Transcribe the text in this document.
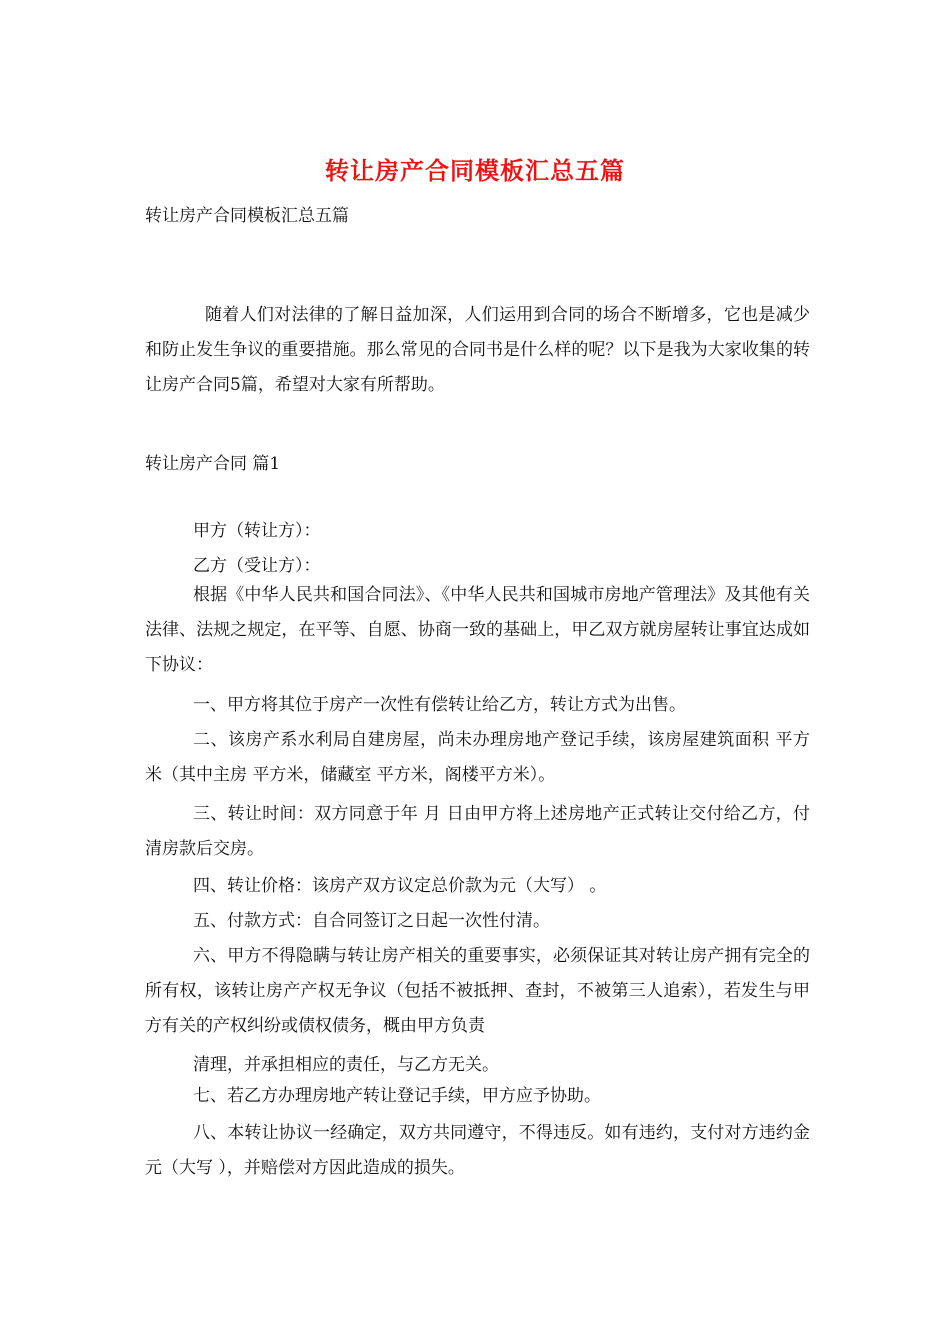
转让房产合同模板汇总五篇
转让房产合同模板汇总五篇
随着人们对法律的了解日益加深，人们运用到合同的场合不断增多，它也是减少和防止发生争议的重要措施。那么常见的合同书是什么样的呢？以下是我为大家收集的转让房产合同5篇，希望对大家有所帮助。
转让房产合同 篇1
甲方（转让方）：
乙方（受让方）：
根据《中华人民共和国合同法》、《中华人民共和国城市房地产管理法》及其他有关法律、法规之规定，在平等、自愿、协商一致的基础上，甲乙双方就房屋转让事宜达成如下协议：
一、甲方将其位于房产一次性有偿转让给乙方，转让方式为出售。
二、该房产系水利局自建房屋，尚未办理房地产登记手续，该房屋建筑面积 平方米（其中主房 平方米，储藏室 平方米，阁楼平方米）。
三、转让时间：双方同意于年 月 日由甲方将上述房地产正式转让交付给乙方，付清房款后交房。
四、转让价格：该房产双方议定总价款为元（大写） 。
五、付款方式：自合同签订之日起一次性付清。
六、甲方不得隐瞒与转让房产相关的重要事实，必须保证其对转让房产拥有完全的所有权，该转让房产产权无争议（包括不被抵押、查封，不被第三人追索），若发生与甲方有关的产权纠纷或债权债务，概由甲方负责
清理，并承担相应的责任，与乙方无关。
七、若乙方办理房地产转让登记手续，甲方应予协助。
八、本转让协议一经确定，双方共同遵守，不得违反。如有违约，支付对方违约金 元（大写 ），并赔偿对方因此造成的损失。
